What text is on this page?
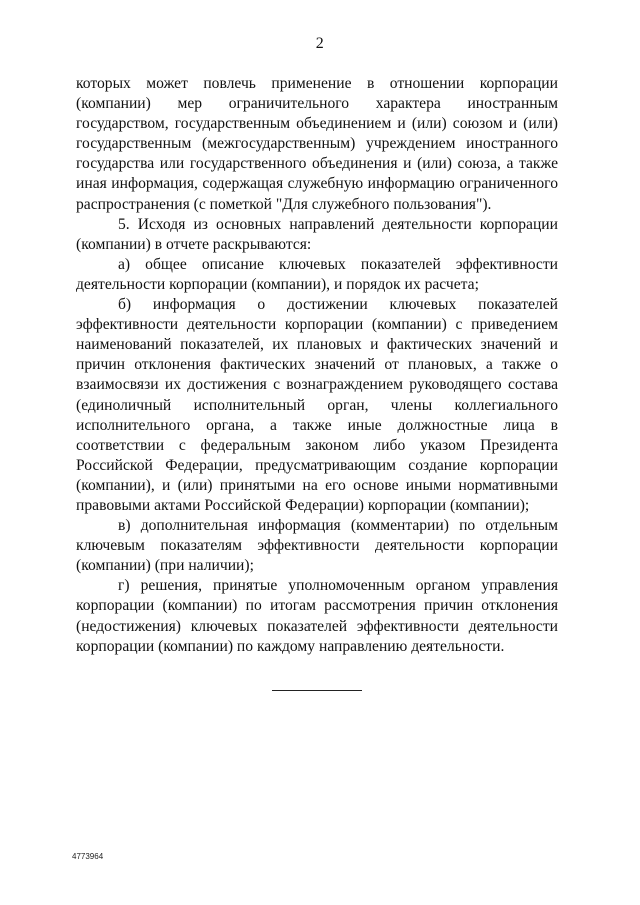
2

которых может повлечь применение в отношении корпорации (компании) мер ограничительного характера иностранным государством, государственным объединением и (или) союзом и (или) государственным (межгосударственным) учреждением иностранного государства или государственного объединения и (или) союза, а также иная информация, содержащая служебную информацию ограниченного распространения (с пометкой "Для служебного пользования").

5. Исходя из основных направлений деятельности корпорации (компании) в отчете раскрываются:

а) общее описание ключевых показателей эффективности деятельности корпорации (компании), и порядок их расчета;

б) информация о достижении ключевых показателей эффективности деятельности корпорации (компании) с приведением наименований показателей, их плановых и фактических значений и причин отклонения фактических значений от плановых, а также о взаимосвязи их достижения с вознаграждением руководящего состава (единоличный исполнительный орган, члены коллегиального исполнительного органа, а также иные должностные лица в соответствии с федеральным законом либо указом Президента Российской Федерации, предусматривающим создание корпорации (компании), и (или) принятыми на его основе иными нормативными правовыми актами Российской Федерации) корпорации (компании);

в) дополнительная информация (комментарии) по отдельным ключевым показателям эффективности деятельности корпорации (компании) (при наличии);

г) решения, принятые уполномоченным органом управления корпорации (компании) по итогам рассмотрения причин отклонения (недостижения) ключевых показателей эффективности деятельности корпорации (компании) по каждому направлению деятельности.

4773964
